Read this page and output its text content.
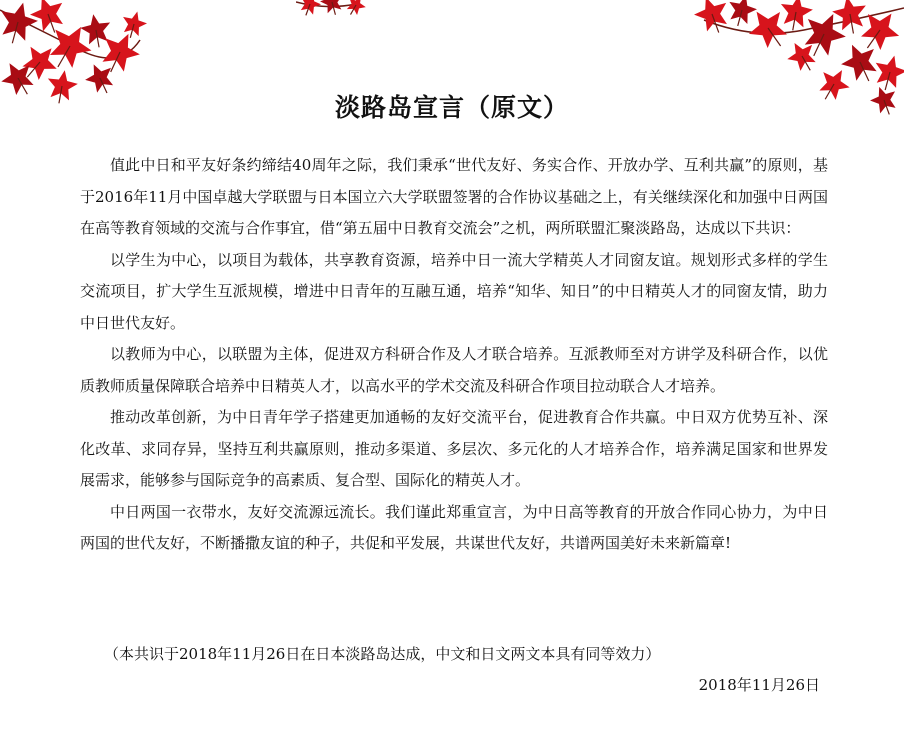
淡路岛宣言（原文）

值此中日和平友好条约缔结40周年之际，我们秉承“世代友好、务实合作、开放办学、互利共赢”的原则，基于2016年11月中国卓越大学联盟与日本国立六大学联盟签署的合作协议基础之上，有关继续深化和加强中日两国在高等教育领域的交流与合作事宜，借“第五届中日教育交流会”之机，两所联盟汇聚淡路岛，达成以下共识：

以学生为中心，以项目为载体，共享教育资源，培养中日一流大学精英人才同窗友谊。规划形式多样的学生交流项目，扩大学生互派规模，增进中日青年的互融互通，培养“知华、知日”的中日精英人才的同窗友情，助力中日世代友好。

以教师为中心，以联盟为主体，促进双方科研合作及人才联合培养。互派教师至对方讲学及科研合作，以优质教师质量保障联合培养中日精英人才，以高水平的学术交流及科研合作项目拉动联合人才培养。

推动改革创新，为中日青年学子搭建更加通畅的友好交流平台，促进教育合作共赢。中日双方优势互补、深化改革、求同存异，坚持互利共赢原则，推动多渠道、多层次、多元化的人才培养合作，培养满足国家和世界发展需求，能够参与国际竞争的高素质、复合型、国际化的精英人才。

中日两国一衣带水，友好交流源远流长。我们谨此郑重宣言，为中日高等教育的开放合作同心协力，为中日两国的世代友好，不断播撒友谊的种子，共促和平发展，共谋世代友好，共谱两国美好未来新篇章!

（本共识于2018年11月26日在日本淡路岛达成，中文和日文两文本具有同等效力）
2018年11月26日
